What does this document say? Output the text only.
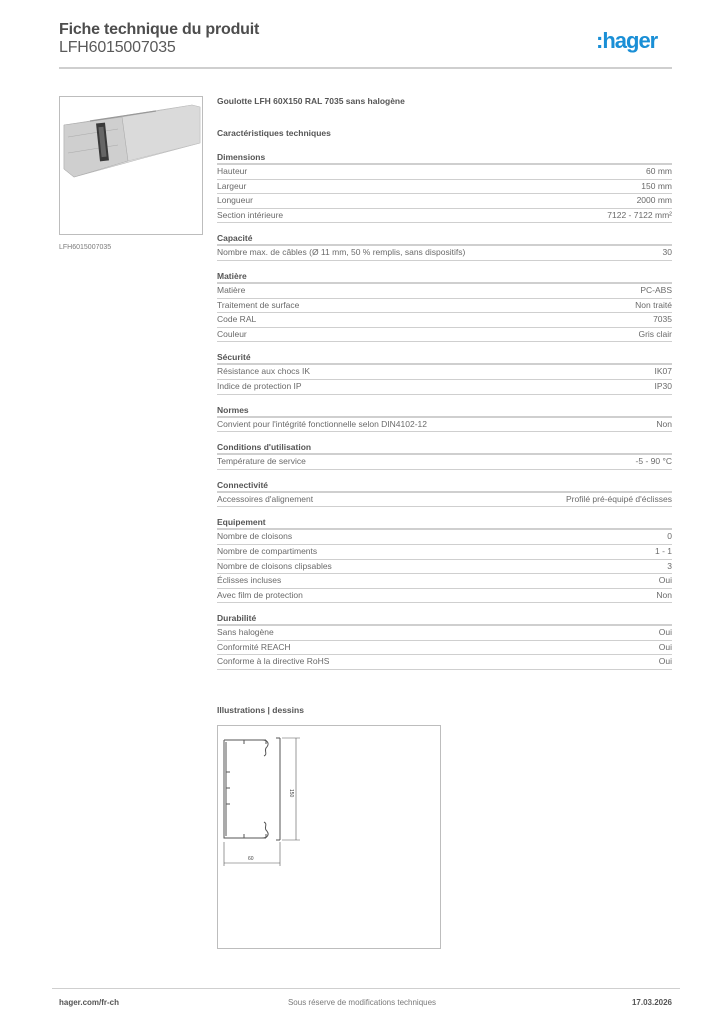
Fiche technique du produit
LFH6015007035	:hager
LFH6015007035
Goulotte LFH 60X150 RAL 7035 sans halogène
Caractéristiques techniques
Dimensions
Hauteur	60 mm
Largeur	150 mm
Longueur	2000 mm
Section intérieure	7122 - 7122 mm²
Capacité
Nombre max. de câbles (Ø 11 mm, 50 % remplis, sans dispositifs)	30
Matière
Matière	PC-ABS
Traitement de surface	Non traité
Code RAL	7035
Couleur	Gris clair
Sécurité
Résistance aux chocs IK	IK07
Indice de protection IP	IP30
Normes
Convient pour l'intégrité fonctionnelle selon DIN4102-12	Non
Conditions d'utilisation
Température de service	-5 - 90 °C
Connectivité
Accessoires d'alignement	Profilé pré-équipé d'éclisses
Equipement
Nombre de cloisons	0
Nombre de compartiments	1 - 1
Nombre de cloisons clipsables	3
Éclisses incluses	Oui
Avec film de protection	Non
Durabilité
Sans halogène	Oui
Conformité REACH	Oui
Conforme à la directive RoHS	Oui
Illustrations | dessins
150
60
hager.com/fr-ch	Sous réserve de modifications techniques	17.03.2026
